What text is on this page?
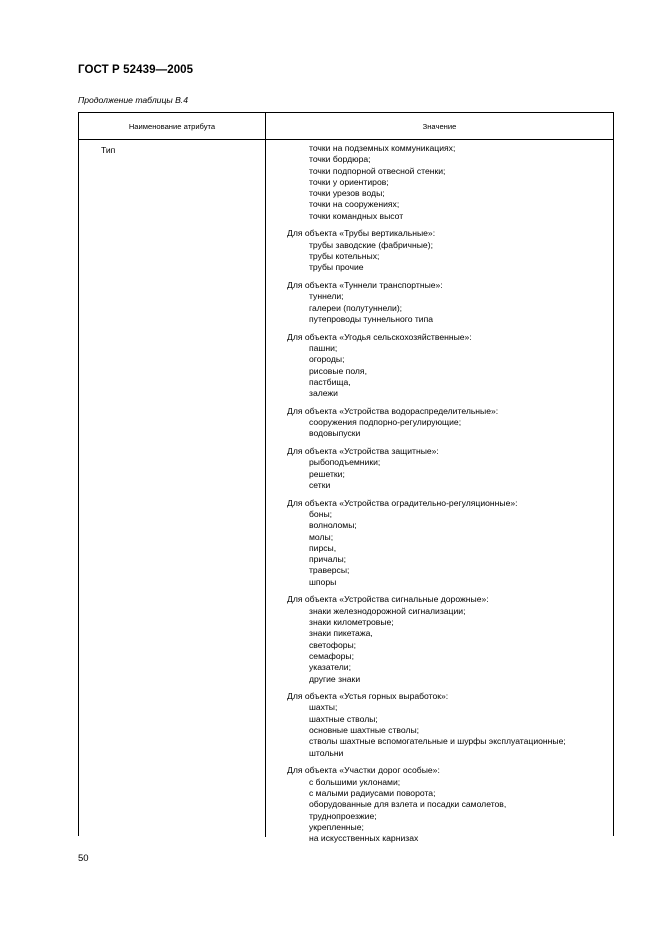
ГОСТ Р 52439—2005
Продолжение таблицы В.4
Наименование атрибута	Значение
Тип	точки на подземных коммуникациях;
точки бордюра;
точки подпорной отвесной стенки;
точки у ориентиров;
точки урезов воды;
точки на сооружениях;
точки командных высот
Для объекта «Трубы вертикальные»:
трубы заводские (фабричные);
трубы котельных;
трубы прочие
Для объекта «Туннели транспортные»:
туннели;
галереи (полутуннели);
путепроводы туннельного типа
Для объекта «Угодья сельскохозяйственные»:
пашни;
огороды;
рисовые поля,
пастбища,
залежи
Для объекта «Устройства водораспределительные»:
сооружения подпорно-регулирующие;
водовыпуски
Для объекта «Устройства защитные»:
рыбоподъемники;
решетки;
сетки
Для объекта «Устройства оградительно-регуляционные»:
боны;
волноломы;
молы;
пирсы,
причалы;
траверсы;
шпоры
Для объекта «Устройства сигнальные дорожные»:
знаки железнодорожной сигнализации;
знаки километровые;
знаки пикетажа,
светофоры;
семафоры;
указатели;
другие знаки
Для объекта «Устья горных выработок»:
шахты;
шахтные стволы;
основные шахтные стволы;
стволы шахтные вспомогательные и шурфы эксплуатационные;
штольни
Для объекта «Участки дорог особые»:
с большими уклонами;
с малыми радиусами поворота;
оборудованные для взлета и посадки самолетов,
труднопроезжие;
укрепленные;
на искусственных карнизах
50
